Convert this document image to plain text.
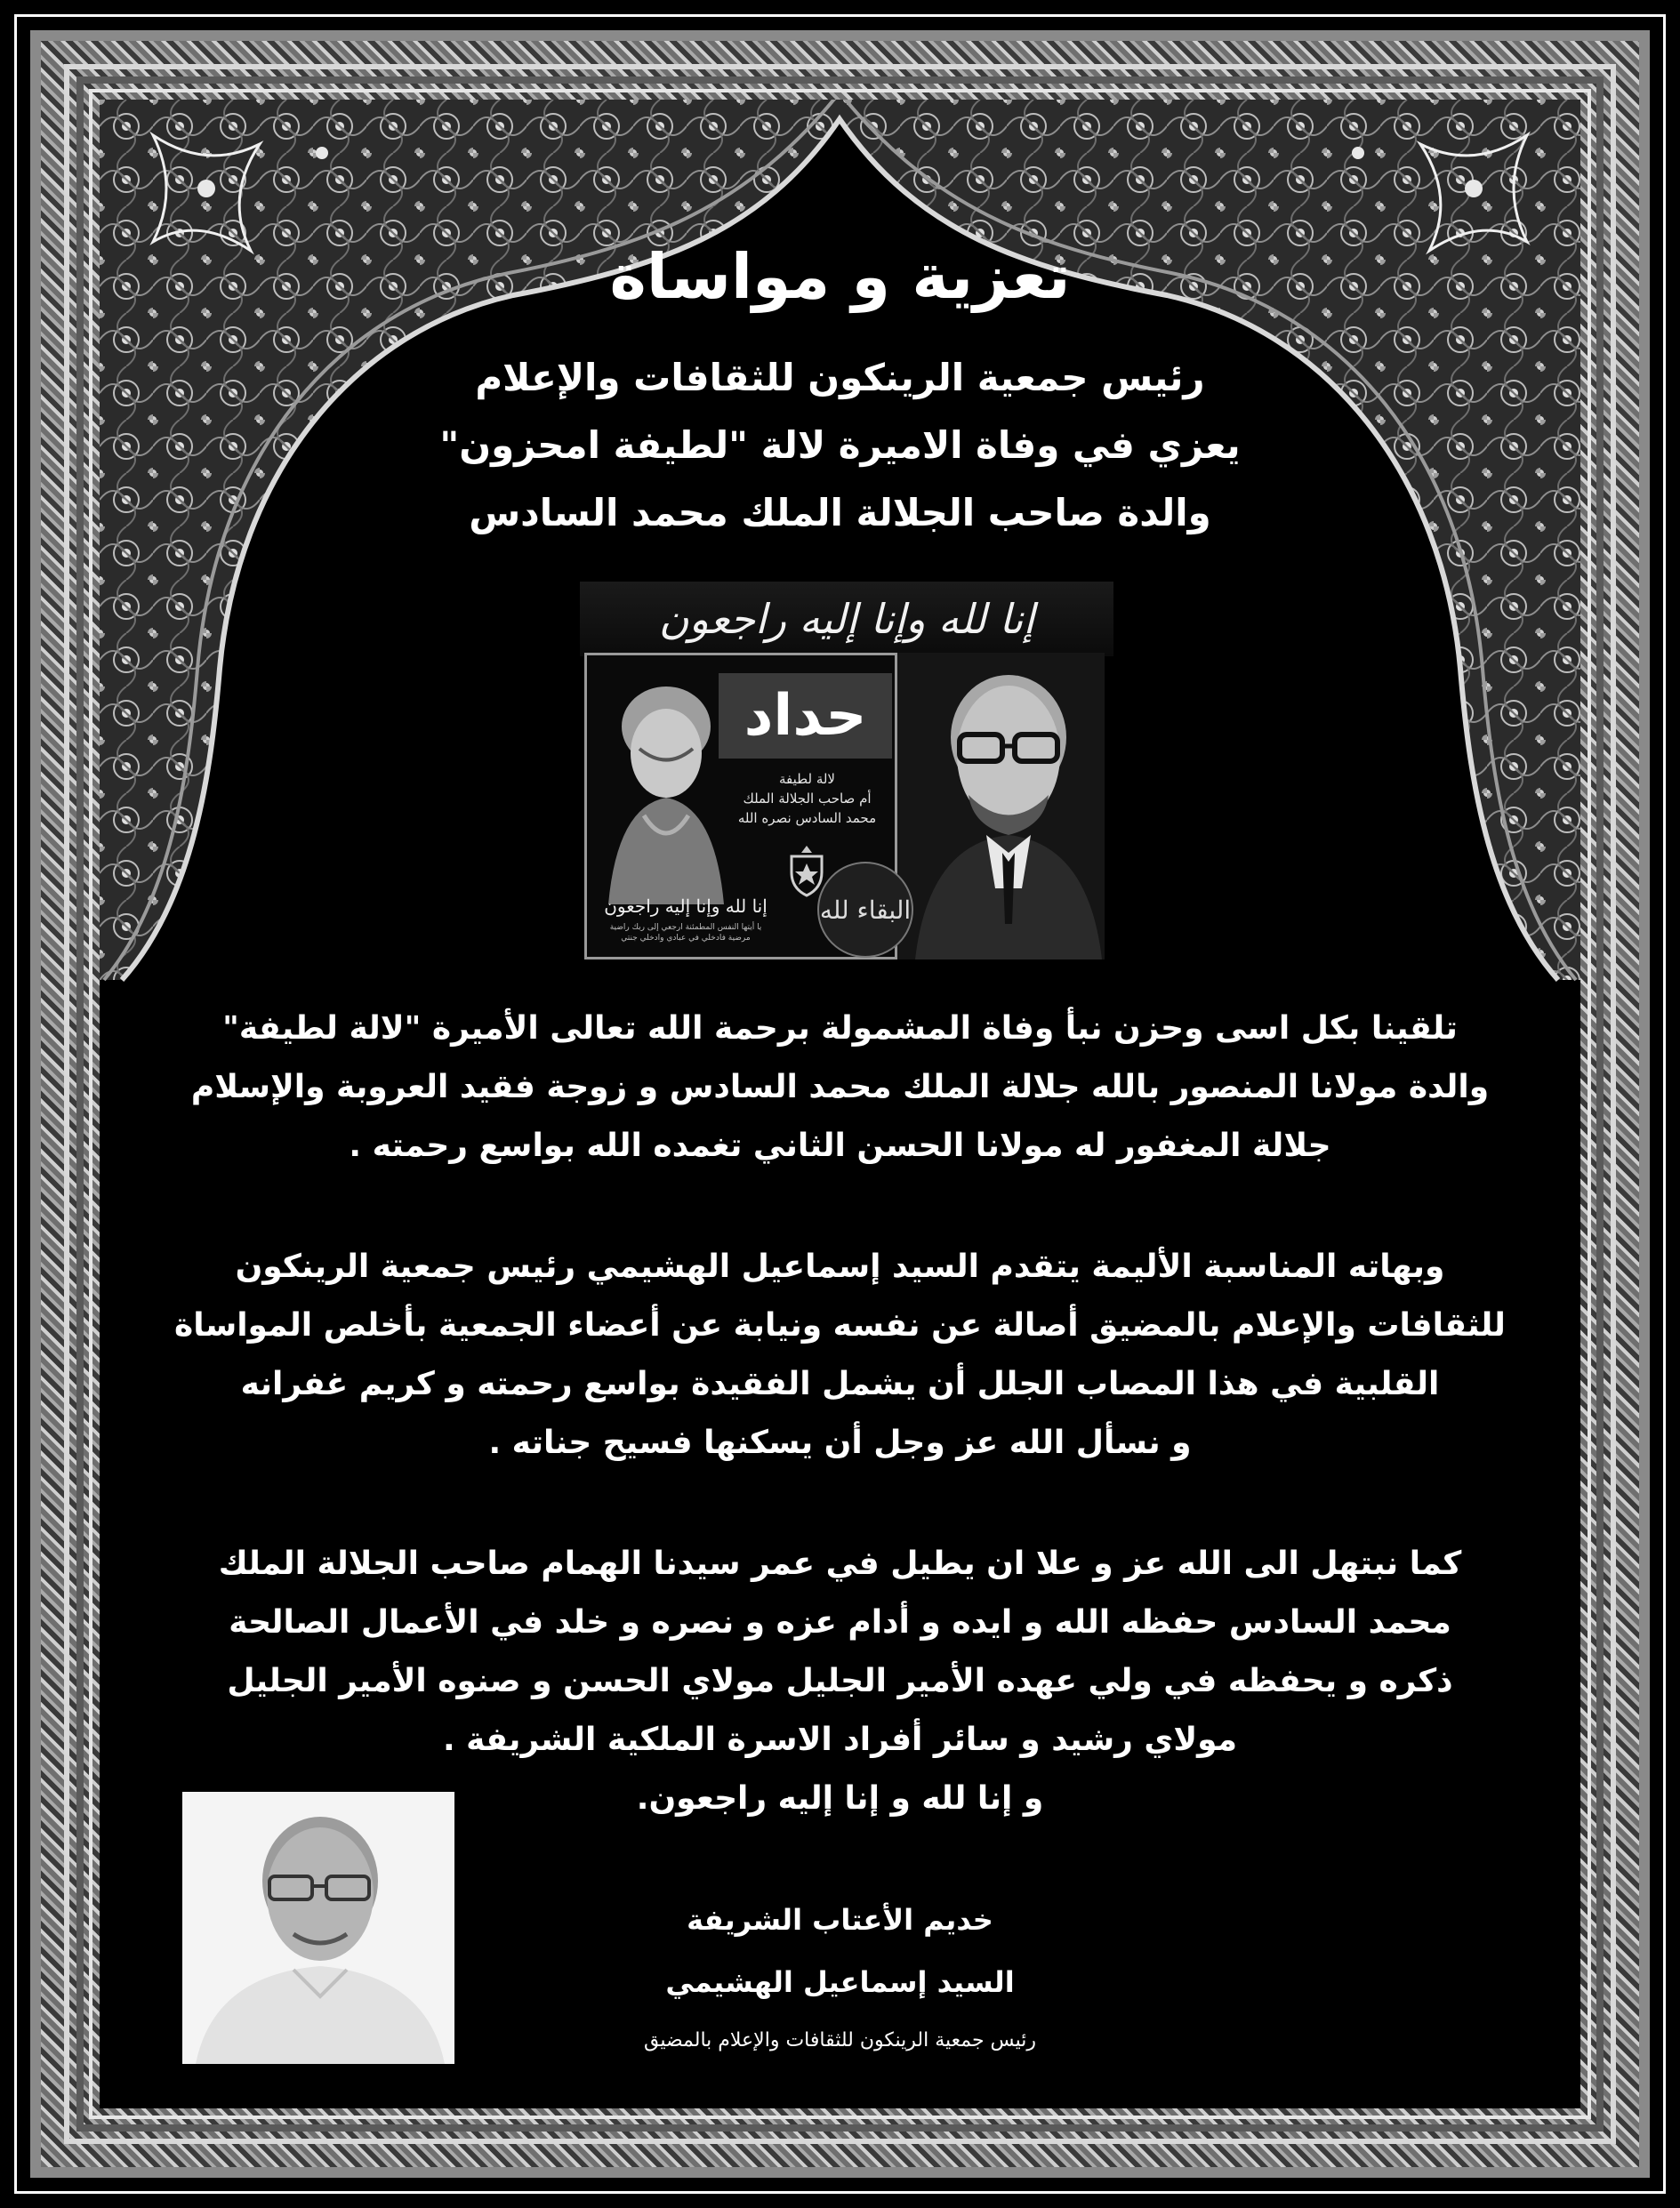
تعزية و مواساة
رئيس جمعية الرينكون للثقافات والإعلام
يعزي في وفاة الاميرة لالة "لطيفة امحزون"
والدة صاحب الجلالة الملك محمد السادس
إنا لله وإنا إليه راجعون
حداد
لالة لطيفة
أم صاحب الجلالة الملك
محمد السادس نصره الله
إنا لله وإنا إليه راجعون
يا أيتها النفس المطمئنة ارجعي إلى ربك راضية مرضية فادخلي في عبادي وادخلي جنتي
البقاء لله
تلقينا بكل اسى وحزن نبأ وفاة المشمولة برحمة الله تعالى الأميرة "لالة لطيفة"
والدة مولانا المنصور بالله جلالة الملك محمد السادس و زوجة فقيد العروبة والإسلام
جلالة المغفور له مولانا الحسن الثاني تغمده الله بواسع رحمته .
وبهاته المناسبة الأليمة يتقدم السيد إسماعيل الهشيمي رئيس جمعية الرينكون
للثقافات والإعلام بالمضيق أصالة عن نفسه ونيابة عن أعضاء الجمعية بأخلص المواساة
القلبية في هذا المصاب الجلل أن يشمل الفقيدة بواسع رحمته و كريم غفرانه
و نسأل الله عز وجل أن يسكنها فسيح جناته .
كما نبتهل الى الله عز و علا ان يطيل في عمر سيدنا الهمام صاحب الجلالة الملك
محمد السادس حفظه الله و ايده و أدام عزه و نصره و خلد في الأعمال الصالحة
ذكره و يحفظه في ولي عهده الأمير الجليل مولاي الحسن و صنوه الأمير الجليل
مولاي رشيد و سائر أفراد الاسرة الملكية الشريفة .
و إنا لله و إنا إليه راجعون.
خديم الأعتاب الشريفة
السيد إسماعيل الهشيمي
رئيس جمعية الرينكون للثقافات والإعلام بالمضيق
